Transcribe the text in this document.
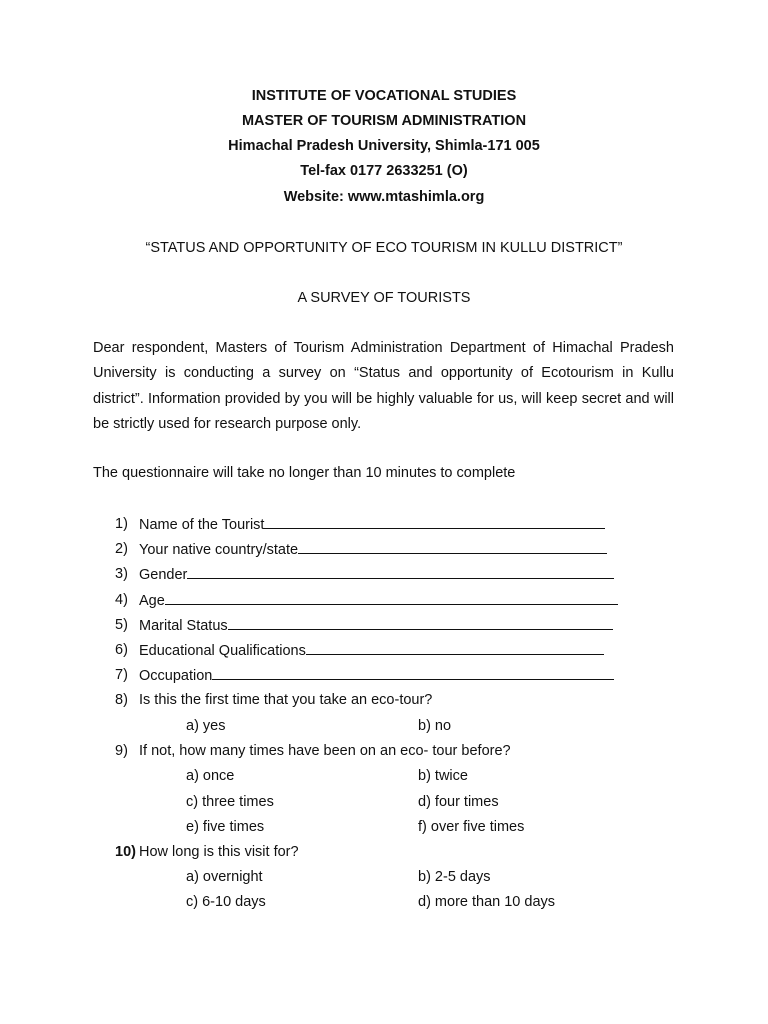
INSTITUTE OF VOCATIONAL STUDIES
MASTER OF TOURISM ADMINISTRATION
Himachal Pradesh University, Shimla-171 005
Tel-fax 0177 2633251 (O)
Website: www.mtashimla.org
“STATUS AND OPPORTUNITY OF ECO TOURISM IN KULLU DISTRICT”
A SURVEY OF TOURISTS

Dear respondent, Masters of Tourism Administration Department of Himachal Pradesh University is conducting a survey on “Status and opportunity of Ecotourism in Kullu district”. Information provided by you will be highly valuable for us, will keep secret and will be strictly used for research purpose only.

The questionnaire will take no longer than 10 minutes to complete
1) Name of the Tourist
2) Your native country/state
3) Gender
4) Age
5) Marital Status
6) Educational Qualifications
7) Occupation
8) Is this the first time that you take an eco-tour?
a) yes	b) no
9) If not, how many times have been on an eco- tour before?
a) once	b) twice
c) three times	d) four times
e) five times	f) over five times
10) How long is this visit for?
a) overnight	b) 2-5 days
c) 6-10 days	d) more than 10 days
